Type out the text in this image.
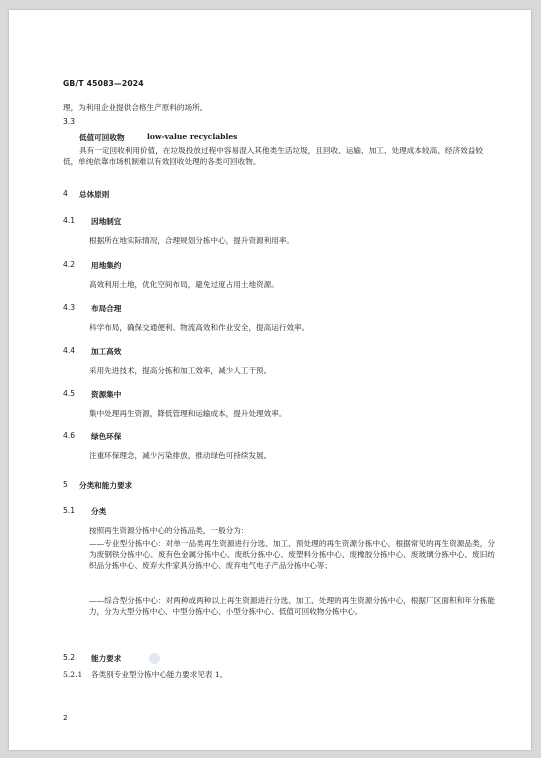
GB/T 45083—2024
理，为利用企业提供合格生产原料的场所。
3.3
低值可回收物	low-value recyclables
具有一定回收利用价值，在垃圾投放过程中容易混入其他类生活垃圾，且回收、运输、加工、处理成本较高、经济效益较低，单纯依靠市场机制难以有效回收处理的各类可回收物。
4 总体原则
4.1 因地制宜
根据所在地实际情况，合理规划分拣中心，提升资源利用率。
4.2 用地集约
高效利用土地，优化空间布局，避免过度占用土地资源。
4.3 布局合理
科学布局，确保交通便利、物流高效和作业安全，提高运行效率。
4.4 加工高效
采用先进技术，提高分拣和加工效率，减少人工干预。
4.5 资源集中
集中处理再生资源，降低管理和运输成本，提升处理效率。
4.6 绿色环保
注重环保理念，减少污染排放，推动绿色可持续发展。
5 分类和能力要求
5.1 分类
按照再生资源分拣中心的分拣品类，一般分为：
——专业型分拣中心：对单一品类再生资源进行分选、加工、预处理的再生资源分拣中心，根据常见的再生资源品类，分为废钢铁分拣中心、废有色金属分拣中心、废纸分拣中心、废塑料分拣中心、废橡胶分拣中心、废玻璃分拣中心、废旧纺织品分拣中心、废弃大件家具分拣中心、废弃电气电子产品分拣中心等；
——综合型分拣中心：对两种或两种以上再生资源进行分选、加工、处理的再生资源分拣中心，根据厂区面积和年分拣能力，分为大型分拣中心、中型分拣中心、小型分拣中心、低值可回收物分拣中心。
5.2 能力要求
5.2.1 各类别专业型分拣中心能力要求见表 1。
2
